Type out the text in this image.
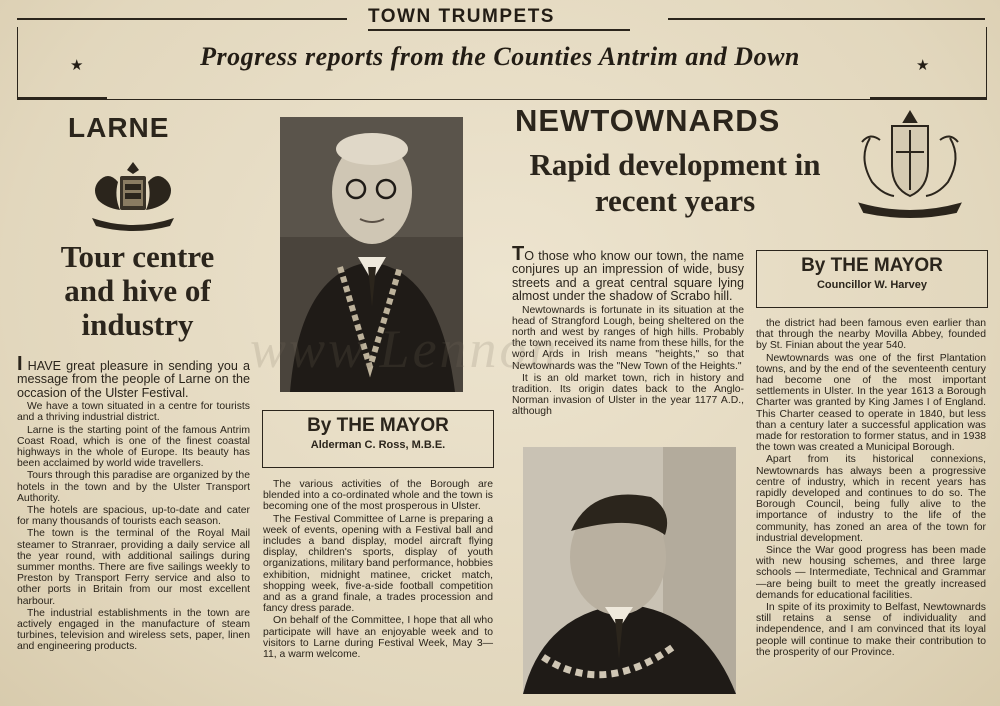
TOWN TRUMPETS
Progress reports from the Counties Antrim and Down
★	★
LARNE
Tour centre
and hive of
industry

I HAVE great pleasure in sending you a message from the people of Larne on the occasion of the Ulster Festival.

We have a town situated in a centre for tourists and a thriving industrial district.

Larne is the starting point of the famous Antrim Coast Road, which is one of the finest coastal highways in the whole of Europe. Its beauty has been acclaimed by world wide travellers.

Tours through this paradise are organized by the hotels in the town and by the Ulster Transport Authority.

The hotels are spacious, up-to-date and cater for many thousands of tourists each season.

The town is the terminal of the Royal Mail steamer to Stranraer, providing a daily service all the year round, with additional sailings during summer months. There are five sailings weekly to Preston by Transport Ferry service and also to other ports in Britain from our most excellent harbour.

The industrial establishments in the town are actively engaged in the manufacture of steam turbines, television and wireless sets, paper, linen and engineering products.

By THE MAYOR
Alderman C. Ross, M.B.E.

The various activities of the Borough are blended into a co-ordinated whole and the town is becoming one of the most prosperous in Ulster.

The Festival Committee of Larne is preparing a week of events, opening with a Festival ball and includes a band display, model aircraft flying display, children's sports, display of youth organizations, military band performance, hobbies exhibition, midnight matinee, cricket match, shopping week, five-a-side football competition and as a grand finale, a trades procession and fancy dress parade.

On behalf of the Committee, I hope that all who participate will have an enjoyable week and to visitors to Larne during Festival Week, May 3—11, a warm welcome.

NEWTOWNARDS
Rapid development in
recent years

TO those who know our town, the name conjures up an impression of wide, busy streets and a great central square lying almost under the shadow of Scrabo hill.

Newtownards is fortunate in its situation at the head of Strangford Lough, being sheltered on the north and west by ranges of high hills. Probably the town received its name from these hills, for the word Ards in Irish means "heights," so that Newtownards was the "New Town of the Heights."

It is an old market town, rich in history and tradition. Its origin dates back to the Anglo-Norman invasion of Ulster in the year 1177 A.D., although

By THE MAYOR
Councillor W. Harvey

the district had been famous even earlier than that through the nearby Movilla Abbey, founded by St. Finian about the year 540.

Newtownards was one of the first Plantation towns, and by the end of the seventeenth century had become one of the most important settlements in Ulster. In the year 1613 a Borough Charter was granted by King James I of England. This Charter ceased to operate in 1840, but less than a century later a successful application was made for restoration to former status, and in 1938 the town was created a Municipal Borough.

Apart from its historical connexions, Newtownards has always been a progressive centre of industry, which in recent years has rapidly developed and continues to do so. The Borough Council, being fully alive to the importance of industry to the life of the community, has zoned an area of the town for industrial development.

Since the War good progress has been made with new housing schemes, and three large schools — Intermediate, Technical and Grammar—are being built to meet the greatly increased demands for educational facilities.

In spite of its proximity to Belfast, Newtownards still retains a sense of individuality and independence, and I am convinced that its loyal people will continue to make their contribution to the prosperity of our Province.

www.Lennon
